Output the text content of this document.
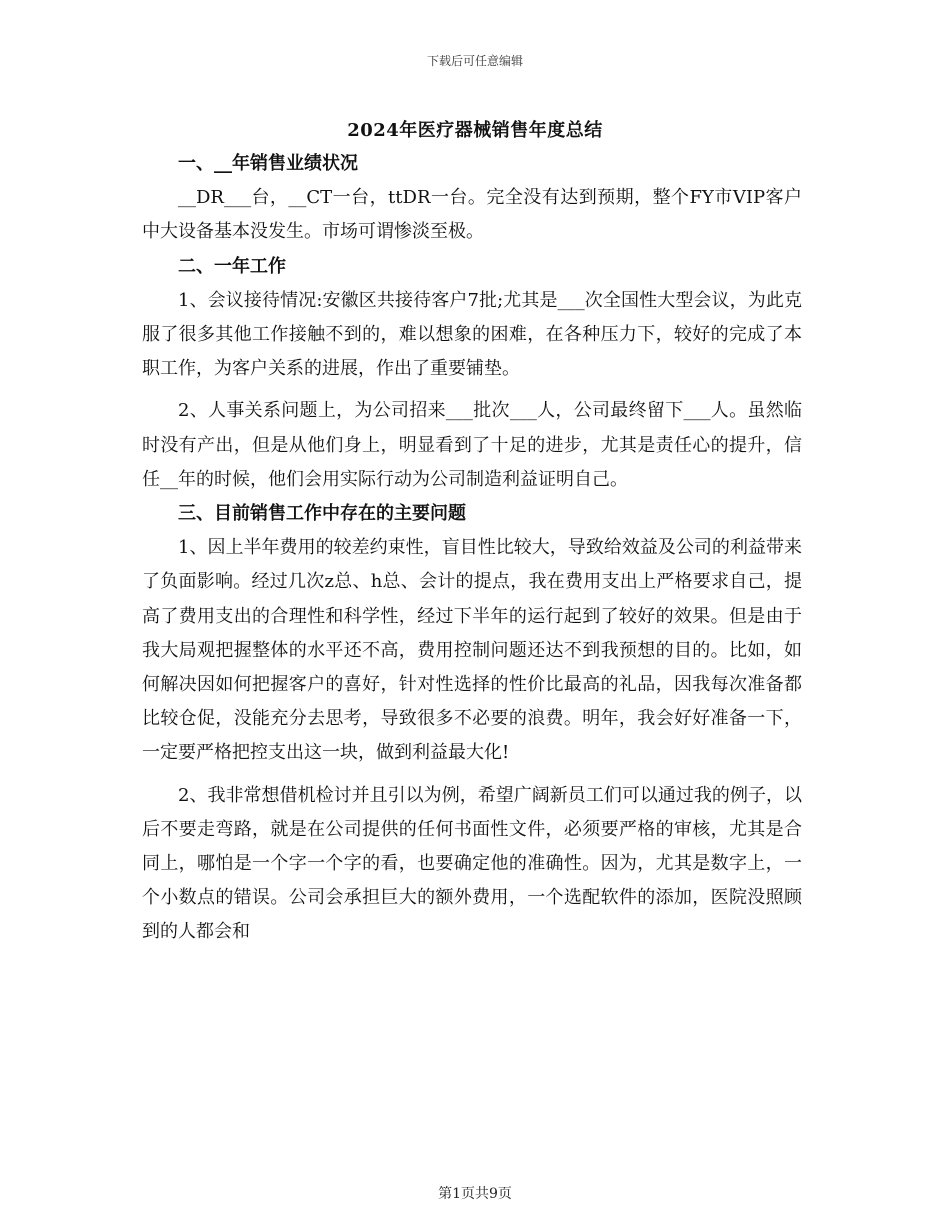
下载后可任意编辑
2024年医疗器械销售年度总结
一、__年销售业绩状况

__DR___台，__CT一台，ttDR一台。完全没有达到预期，整个FY市VIP客户中大设备基本没发生。市场可谓惨淡至极。

二、一年工作

1、会议接待情况:安徽区共接待客户7批;尤其是___次全国性大型会议，为此克服了很多其他工作接触不到的，难以想象的困难，在各种压力下，较好的完成了本职工作，为客户关系的进展，作出了重要铺垫。

2、人事关系问题上，为公司招来___批次___人，公司最终留下___人。虽然临时没有产出，但是从他们身上，明显看到了十足的进步，尤其是责任心的提升，信任__年的时候，他们会用实际行动为公司制造利益证明自己。

三、目前销售工作中存在的主要问题

1、因上半年费用的较差约束性，盲目性比较大，导致给效益及公司的利益带来了负面影响。经过几次z总、h总、会计的提点，我在费用支出上严格要求自己，提高了费用支出的合理性和科学性，经过下半年的运行起到了较好的效果。但是由于我大局观把握整体的水平还不高，费用控制问题还达不到我预想的目的。比如，如何解决因如何把握客户的喜好，针对性选择的性价比最高的礼品，因我每次准备都比较仓促，没能充分去思考，导致很多不必要的浪费。明年，我会好好准备一下，一定要严格把控支出这一块，做到利益最大化!

2、我非常想借机检讨并且引以为例，希望广阔新员工们可以通过我的例子，以后不要走弯路，就是在公司提供的任何书面性文件，必须要严格的审核，尤其是合同上，哪怕是一个字一个字的看，也要确定他的准确性。因为，尤其是数字上，一个小数点的错误。公司会承担巨大的额外费用，一个选配软件的添加，医院没照顾到的人都会和

第1页共9页
